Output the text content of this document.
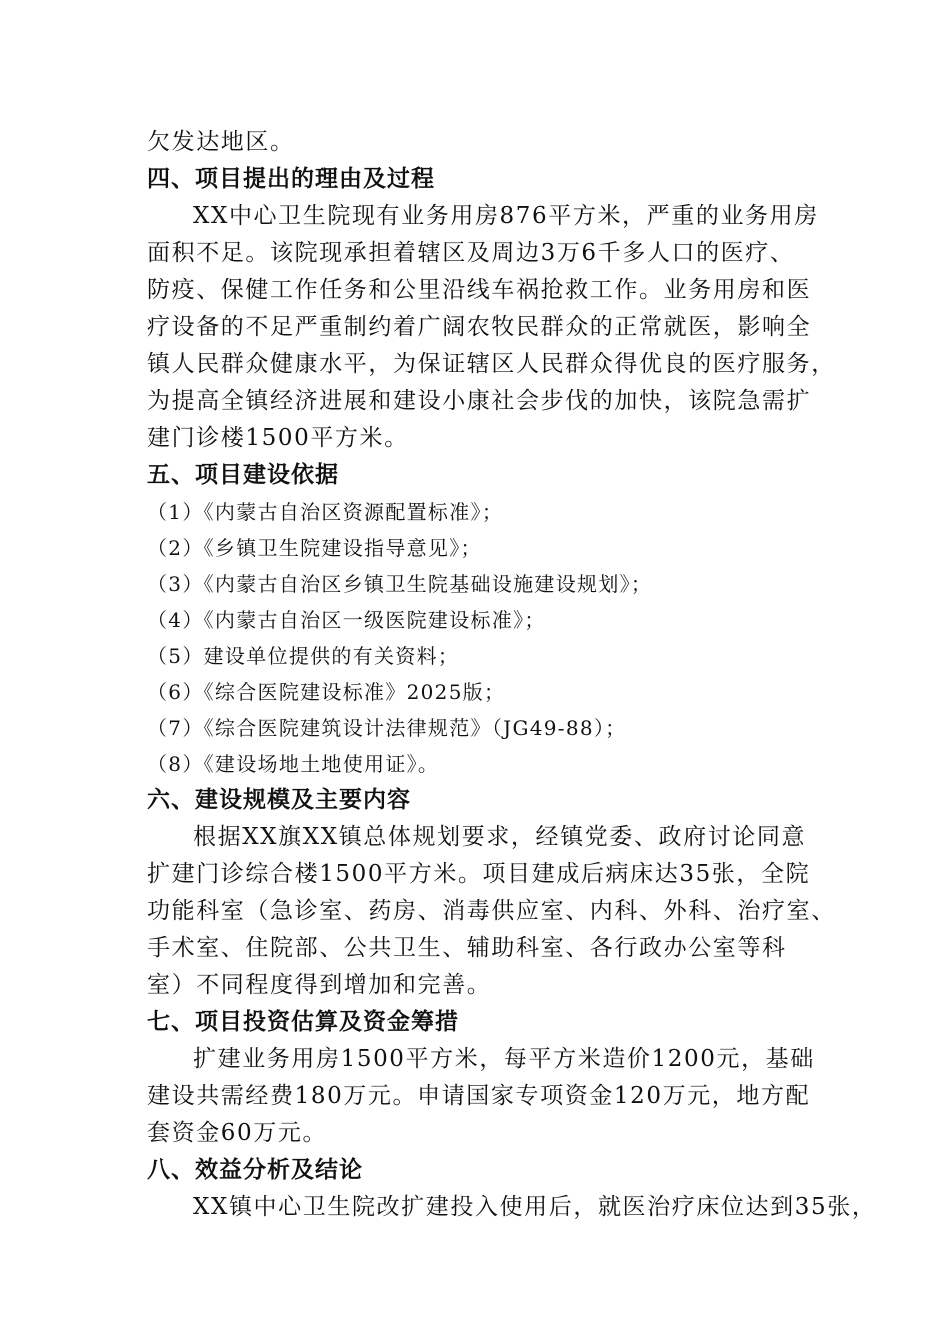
欠发达地区。
四、项目提出的理由及过程
XX中心卫生院现有业务用房876平方米，严重的业务用房
面积不足。该院现承担着辖区及周边3万6千多人口的医疗、
防疫、保健工作任务和公里沿线车祸抢救工作。业务用房和医
疗设备的不足严重制约着广阔农牧民群众的正常就医，影响全
镇人民群众健康水平，为保证辖区人民群众得优良的医疗服务，
为提高全镇经济进展和建设小康社会步伐的加快，该院急需扩
建门诊楼1500平方米。
五、项目建设依据
（1）《内蒙古自治区资源配置标准》；
（2）《乡镇卫生院建设指导意见》；
（3）《内蒙古自治区乡镇卫生院基础设施建设规划》；
（4）《内蒙古自治区一级医院建设标准》；
（5）建设单位提供的有关资料；
（6）《综合医院建设标准》2025版；
（7）《综合医院建筑设计法律规范》（JG49-88）；
（8）《建设场地土地使用证》。
六、建设规模及主要内容
根据XX旗XX镇总体规划要求，经镇党委、政府讨论同意
扩建门诊综合楼1500平方米。项目建成后病床达35张，全院
功能科室（急诊室、药房、消毒供应室、内科、外科、治疗室、
手术室、住院部、公共卫生、辅助科室、各行政办公室等科
室）不同程度得到增加和完善。
七、项目投资估算及资金筹措
扩建业务用房1500平方米，每平方米造价1200元，基础
建设共需经费180万元。申请国家专项资金120万元，地方配
套资金60万元。
八、效益分析及结论
XX镇中心卫生院改扩建投入使用后，就医治疗床位达到35张，
